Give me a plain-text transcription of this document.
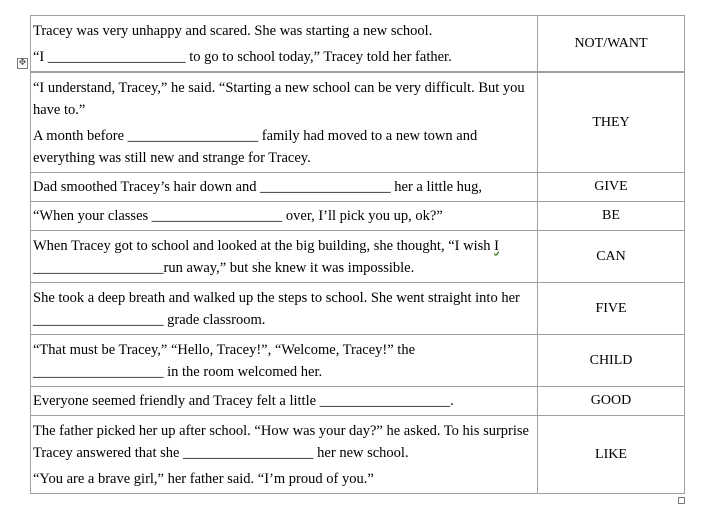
Tracey was very unhappy and scared. She was starting a new school.

“I ___________________ to go to school today,” Tracey told her father.

	NOT/WANT
✥

“I understand, Tracey,” he said. “Starting a new school can be very difficult. But you have to.”

A month before __________________ family had moved to a new town and everything was still new and strange for Tracey.	THEY

Dad smoothed Tracey’s hair down and __________________ her a little hug,	GIVE

“When your classes __________________ over, I’ll pick you up, ok?”	BE

When Tracey got to school and looked at the big building, she thought, “I wish I
__________________run away,” but she knew it was impossible.	CAN

She took a deep breath and walked up the steps to school. She went straight into her __________________ grade classroom.	FIVE

“That must be Tracey,” “Hello, Tracey!”, “Welcome, Tracey!” the __________________ in the room welcomed her.	CHILD

Everyone seemed friendly and Tracey felt a little __________________.	GOOD

The father picked her up after school. “How was your day?” he asked. To his surprise Tracey answered that she __________________ her new school.

“You are a brave girl,” her father said. “I’m proud of you.”	LIKE
